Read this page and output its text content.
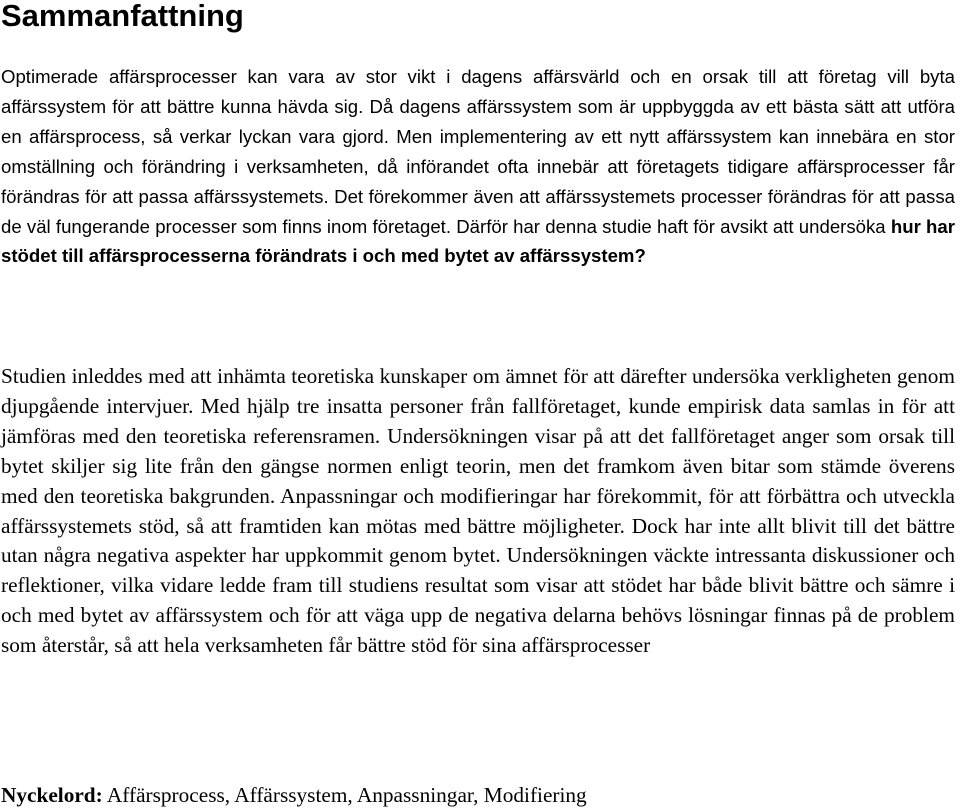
Sammanfattning

Optimerade affärsprocesser kan vara av stor vikt i dagens affärsvärld och en orsak till att företag vill byta affärssystem för att bättre kunna hävda sig. Då dagens affärssystem som är uppbyggda av ett bästa sätt att utföra en affärsprocess, så verkar lyckan vara gjord. Men implementering av ett nytt affärssystem kan innebära en stor omställning och förändring i verksamheten, då införandet ofta innebär att företagets tidigare affärsprocesser får förändras för att passa affärssystemets. Det förekommer även att affärssystemets processer förändras för att passa de väl fungerande processer som finns inom företaget. Därför har denna studie haft för avsikt att undersöka hur har stödet till affärsprocesserna förändrats i och med bytet av affärssystem?

Studien inleddes med att inhämta teoretiska kunskaper om ämnet för att därefter undersöka verkligheten genom djupgående intervjuer. Med hjälp tre insatta personer från fallföretaget, kunde empirisk data samlas in för att jämföras med den teoretiska referensramen. Undersökningen visar på att det fallföretaget anger som orsak till bytet skiljer sig lite från den gängse normen enligt teorin, men det framkom även bitar som stämde överens med den teoretiska bakgrunden. Anpassningar och modifieringar har förekommit, för att förbättra och utveckla affärssystemets stöd, så att framtiden kan mötas med bättre möjligheter. Dock har inte allt blivit till det bättre utan några negativa aspekter har uppkommit genom bytet. Undersökningen väckte intressanta diskussioner och reflektioner, vilka vidare ledde fram till studiens resultat som visar att stödet har både blivit bättre och sämre i och med bytet av affärssystem och för att väga upp de negativa delarna behövs lösningar finnas på de problem som återstår, så att hela verksamheten får bättre stöd för sina affärsprocesser

Nyckelord: Affärsprocess, Affärssystem, Anpassningar, Modifiering
